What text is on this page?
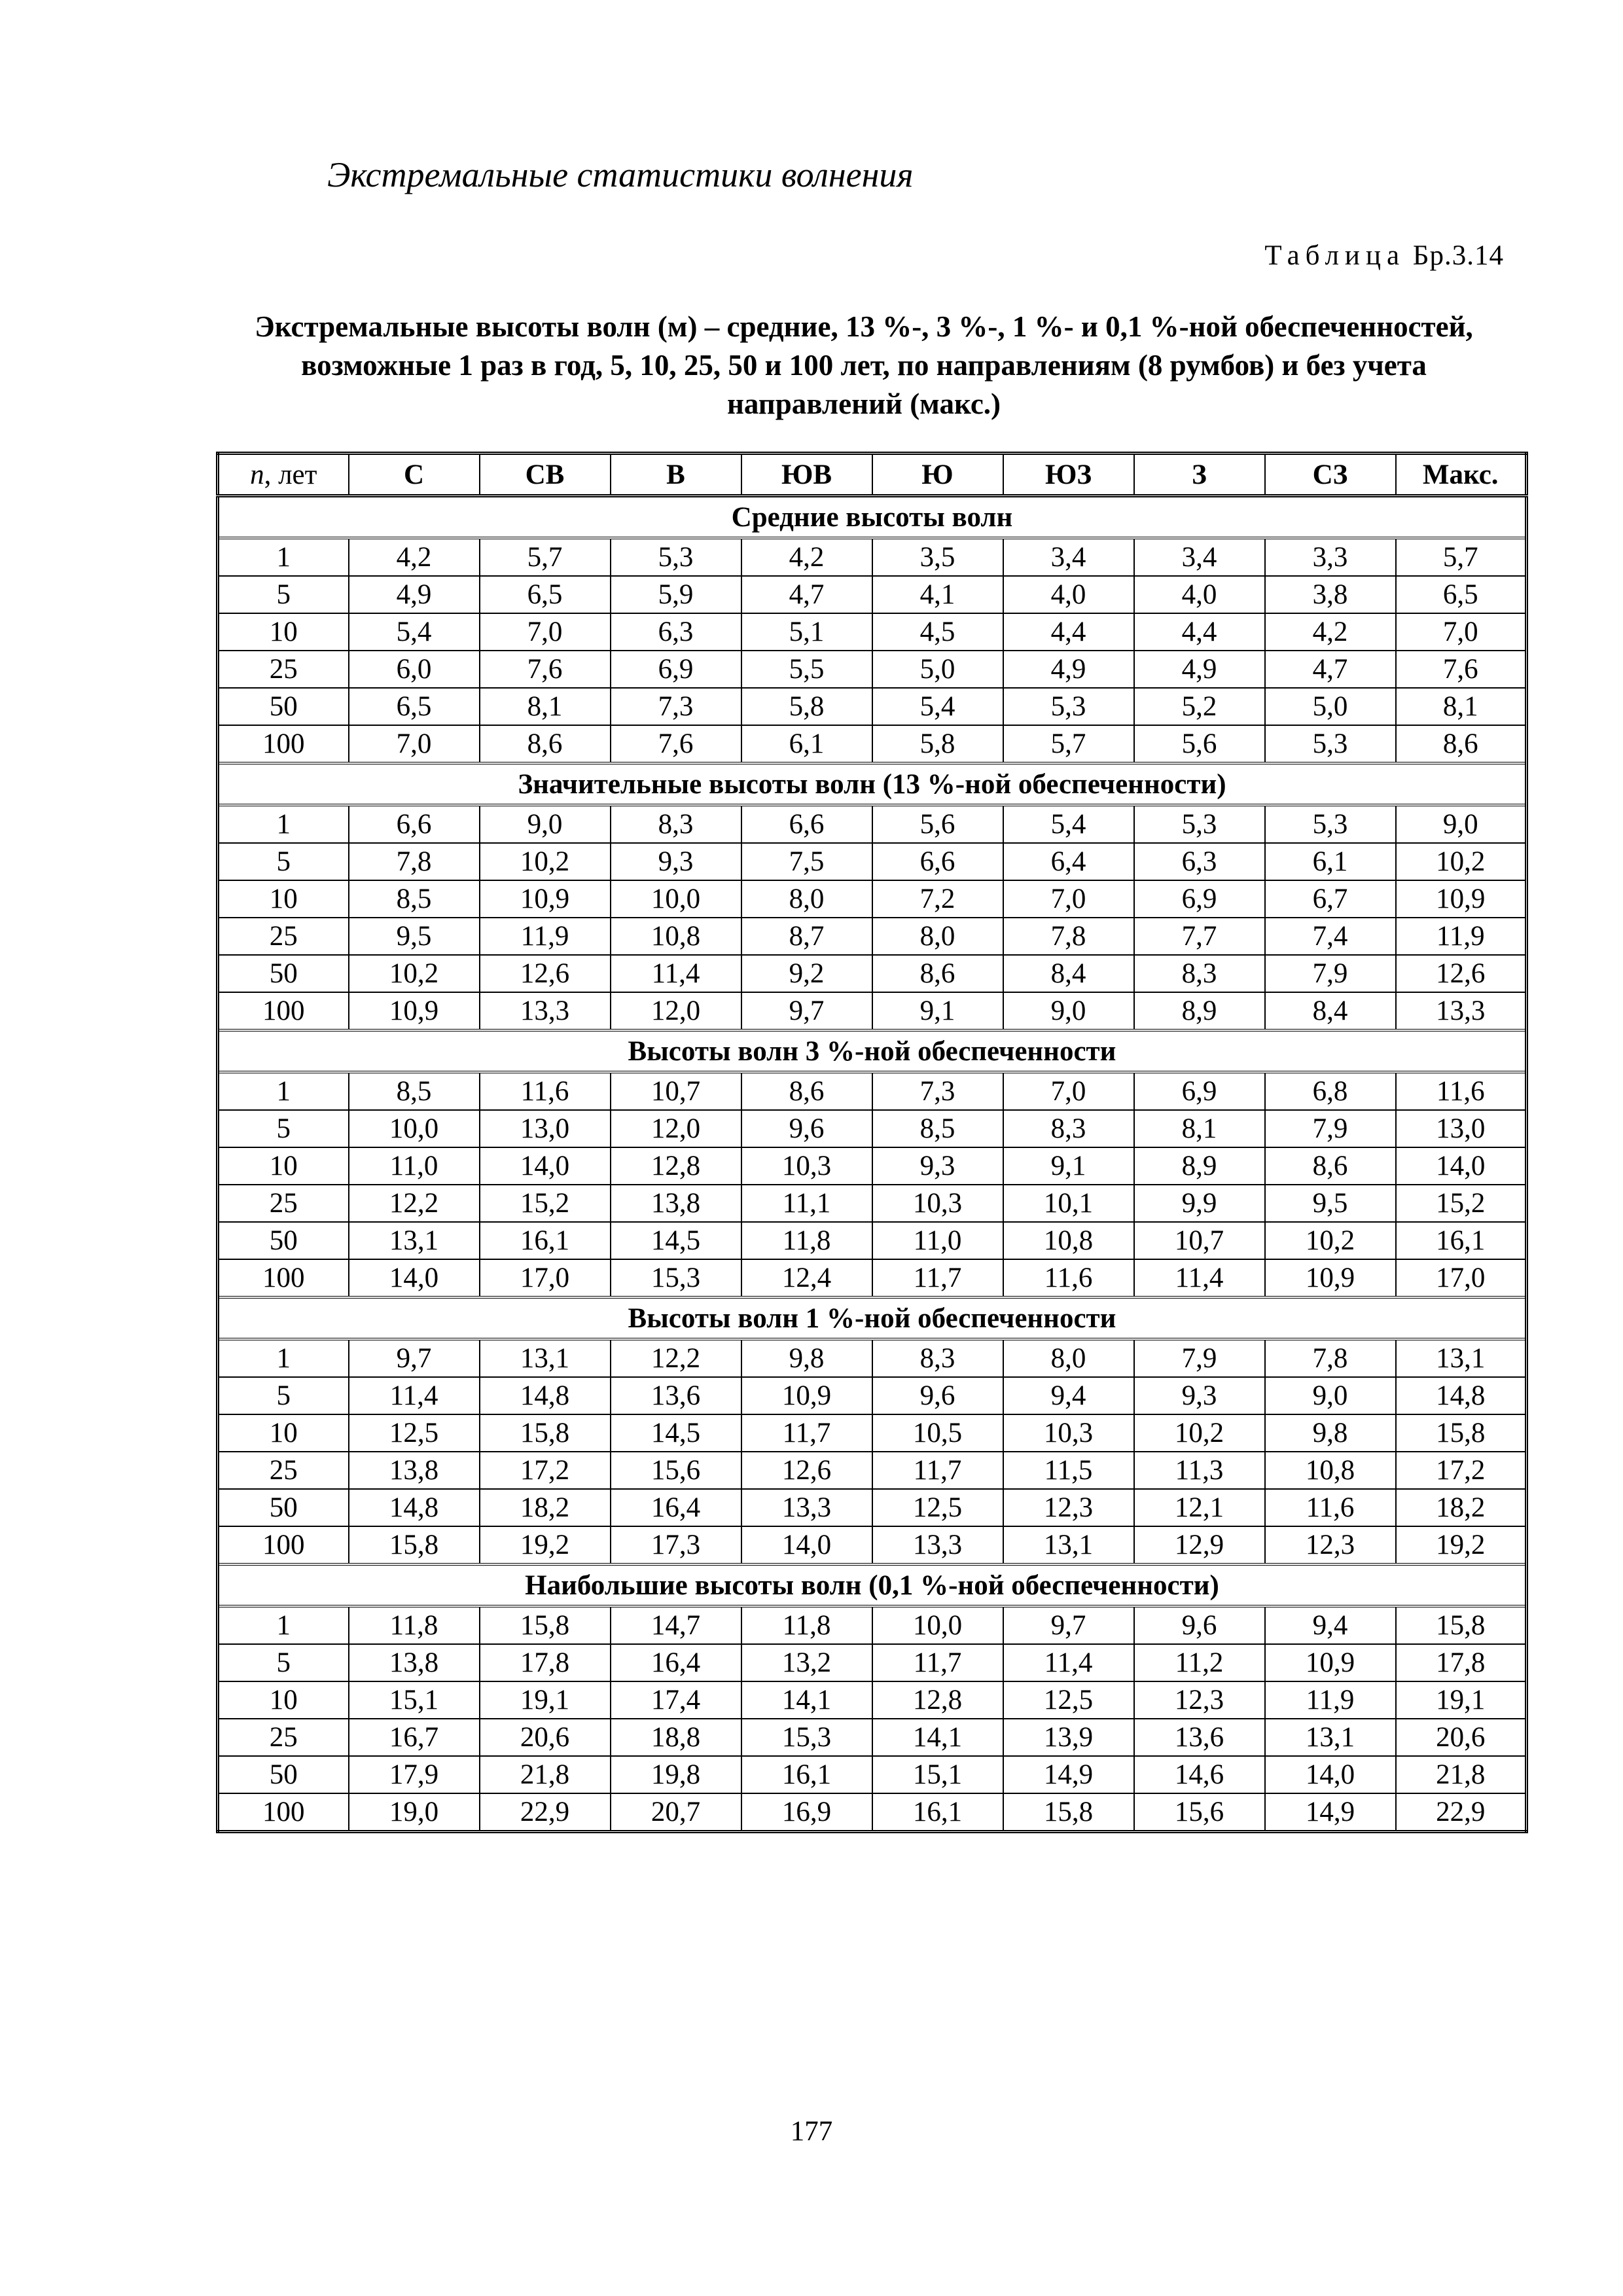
Экстремальные статистики волнения
Таблица Бр.3.14

Экстремальные высоты волн (м) – средние, 13 %-, 3 %-, 1 %- и 0,1 %-ной обеспеченностей, возможные 1 раз в год, 5, 10, 25, 50 и 100 лет, по направлениям (8 румбов) и без учета направлений (макс.)

n, лет	С	СВ	В	ЮВ	Ю	ЮЗ	З	СЗ	Макс.
Средние высоты волн									
1	4,2	5,7	5,3	4,2	3,5	3,4	3,4	3,3	5,7
5	4,9	6,5	5,9	4,7	4,1	4,0	4,0	3,8	6,5
10	5,4	7,0	6,3	5,1	4,5	4,4	4,4	4,2	7,0
25	6,0	7,6	6,9	5,5	5,0	4,9	4,9	4,7	7,6
50	6,5	8,1	7,3	5,8	5,4	5,3	5,2	5,0	8,1
100	7,0	8,6	7,6	6,1	5,8	5,7	5,6	5,3	8,6
Значительные высоты волн (13 %-ной обеспеченности)									
1	6,6	9,0	8,3	6,6	5,6	5,4	5,3	5,3	9,0
5	7,8	10,2	9,3	7,5	6,6	6,4	6,3	6,1	10,2
10	8,5	10,9	10,0	8,0	7,2	7,0	6,9	6,7	10,9
25	9,5	11,9	10,8	8,7	8,0	7,8	7,7	7,4	11,9
50	10,2	12,6	11,4	9,2	8,6	8,4	8,3	7,9	12,6
100	10,9	13,3	12,0	9,7	9,1	9,0	8,9	8,4	13,3
Высоты волн 3 %-ной обеспеченности									
1	8,5	11,6	10,7	8,6	7,3	7,0	6,9	6,8	11,6
5	10,0	13,0	12,0	9,6	8,5	8,3	8,1	7,9	13,0
10	11,0	14,0	12,8	10,3	9,3	9,1	8,9	8,6	14,0
25	12,2	15,2	13,8	11,1	10,3	10,1	9,9	9,5	15,2
50	13,1	16,1	14,5	11,8	11,0	10,8	10,7	10,2	16,1
100	14,0	17,0	15,3	12,4	11,7	11,6	11,4	10,9	17,0
Высоты волн 1 %-ной обеспеченности									
1	9,7	13,1	12,2	9,8	8,3	8,0	7,9	7,8	13,1
5	11,4	14,8	13,6	10,9	9,6	9,4	9,3	9,0	14,8
10	12,5	15,8	14,5	11,7	10,5	10,3	10,2	9,8	15,8
25	13,8	17,2	15,6	12,6	11,7	11,5	11,3	10,8	17,2
50	14,8	18,2	16,4	13,3	12,5	12,3	12,1	11,6	18,2
100	15,8	19,2	17,3	14,0	13,3	13,1	12,9	12,3	19,2
Наибольшие высоты волн (0,1 %-ной обеспеченности)									
1	11,8	15,8	14,7	11,8	10,0	9,7	9,6	9,4	15,8
5	13,8	17,8	16,4	13,2	11,7	11,4	11,2	10,9	17,8
10	15,1	19,1	17,4	14,1	12,8	12,5	12,3	11,9	19,1
25	16,7	20,6	18,8	15,3	14,1	13,9	13,6	13,1	20,6
50	17,9	21,8	19,8	16,1	15,1	14,9	14,6	14,0	21,8
100	19,0	22,9	20,7	16,9	16,1	15,8	15,6	14,9	22,9
177
